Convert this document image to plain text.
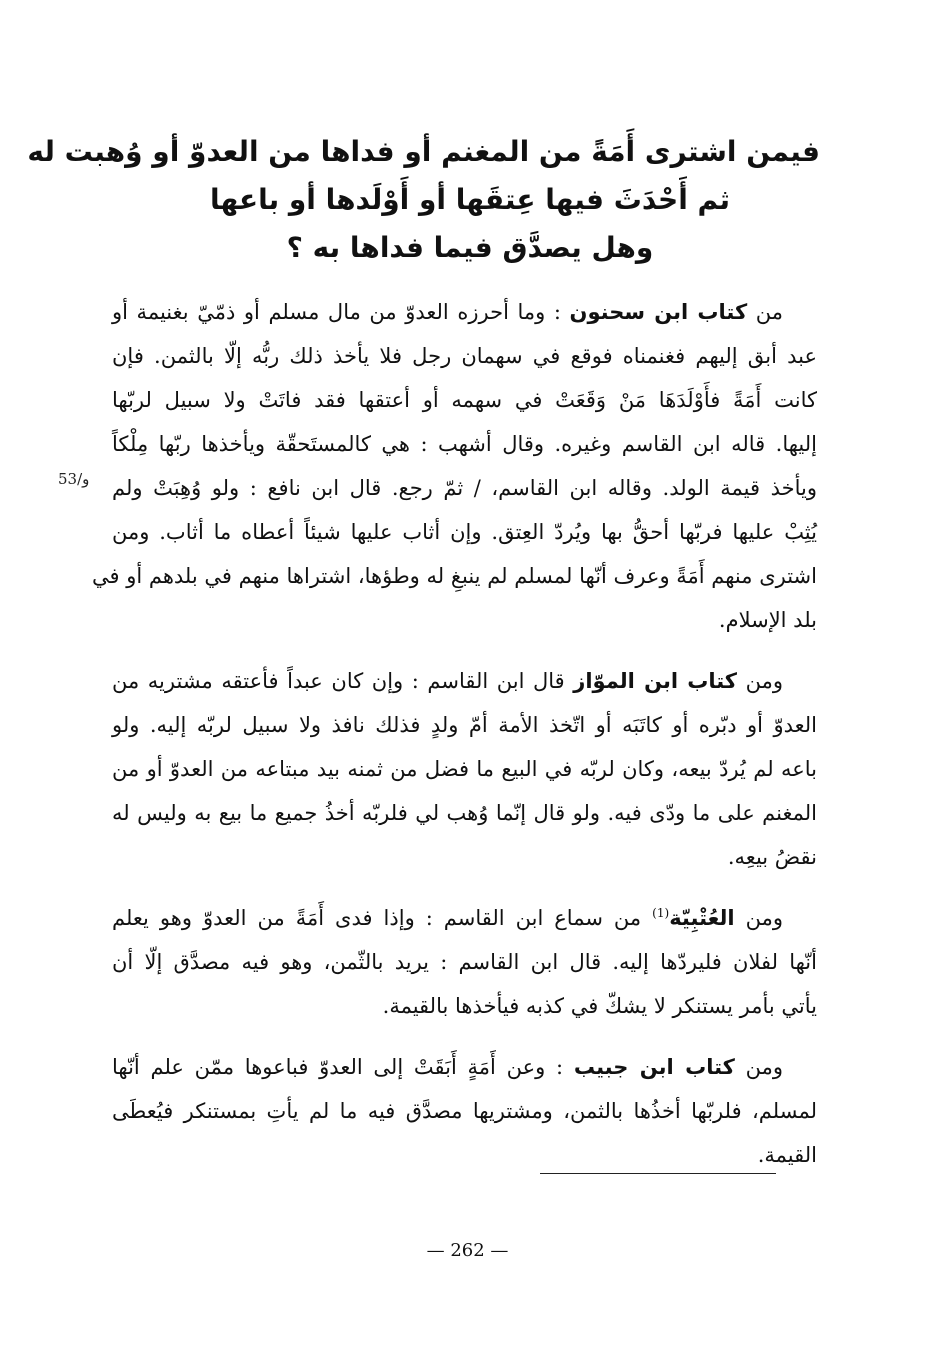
فيمن اشترى أَمَةً من المغنم أو فداها من العدوّ أو وُهبت له
ثم أَحْدَثَ فيها عِتقَها أو أَوْلَدها أو باعها
وهل يصدَّق فيما فداها به ؟
53/و
من كتاب ابن سحنون : وما أحرزه العدوّ من مال مسلم أو ذمّيّ بغنيمة أو
عبد أبق إليهم فغنمناه فوقع في سهمان رجل فلا يأخذ ذلك ربُّه إلّا بالثمن. فإن
كانت أَمَةً فأَوْلَدَهَا مَنْ وَقَعَتْ في سهمه أو أعتقها فقد فاتَتْ ولا سبيل لربّها
إليها. قاله ابن القاسم وغيره. وقال أشهب : هي كالمستَحقّة ويأخذها ربّها مِلْكاً
ويأخذ قيمة الولد. وقاله ابن القاسم، / ثمّ رجع. قال ابن نافع : ولو وُهِبَتْ ولم
يُثِبْ عليها فربّها أحقُّ بها ويُردّ العِتق. وإن أثاب عليها شيئاً أعطاه ما أثاب. ومن
اشترى منهم أَمَةً وعرف أنّها لمسلم لم ينبغِ له وطؤها، اشتراها منهم في بلدهم أو في
بلد الإسلام.
ومن كتاب ابن الموّاز قال ابن القاسم : وإن كان عبداً فأعتقه مشتريه من
العدوّ أو دبّره أو كاتَبَه أو اتّخذ الأمة أمّ ولدٍ فذلك نافذ ولا سبيل لربّه إليه. ولو
باعه لم يُردّ بيعه، وكان لربّه في البيع ما فضل من ثمنه بيد مبتاعه من العدوّ أو من
المغنم على ما ودّى فيه. ولو قال إنّما وُهب لي فلربّه أخذُ جميع ما بيع به وليس له
نقضُ بيعِه.
ومن العُتْبِيّة$^{(1)}$ من سماع ابن القاسم : وإذا فدى أَمَةً من العدوّ وهو يعلم
أنّها لفلان فليردّها إليه. قال ابن القاسم : يريد بالثّمن، وهو فيه مصدَّق إلّا أن
يأتي بأمر يستنكر لا يشكّ في كذبه فيأخذها بالقيمة.
ومن كتاب ابن جبيب : وعن أَمَةٍ أَبَقَتْ إلى العدوّ فباعوها ممّن علم أنّها
لمسلم، فلربّها أخذُها بالثمن، ومشتريها مصدَّق فيه ما لم يأتِ بمستنكر فيُعطَى
القيمة.
— 262 —
